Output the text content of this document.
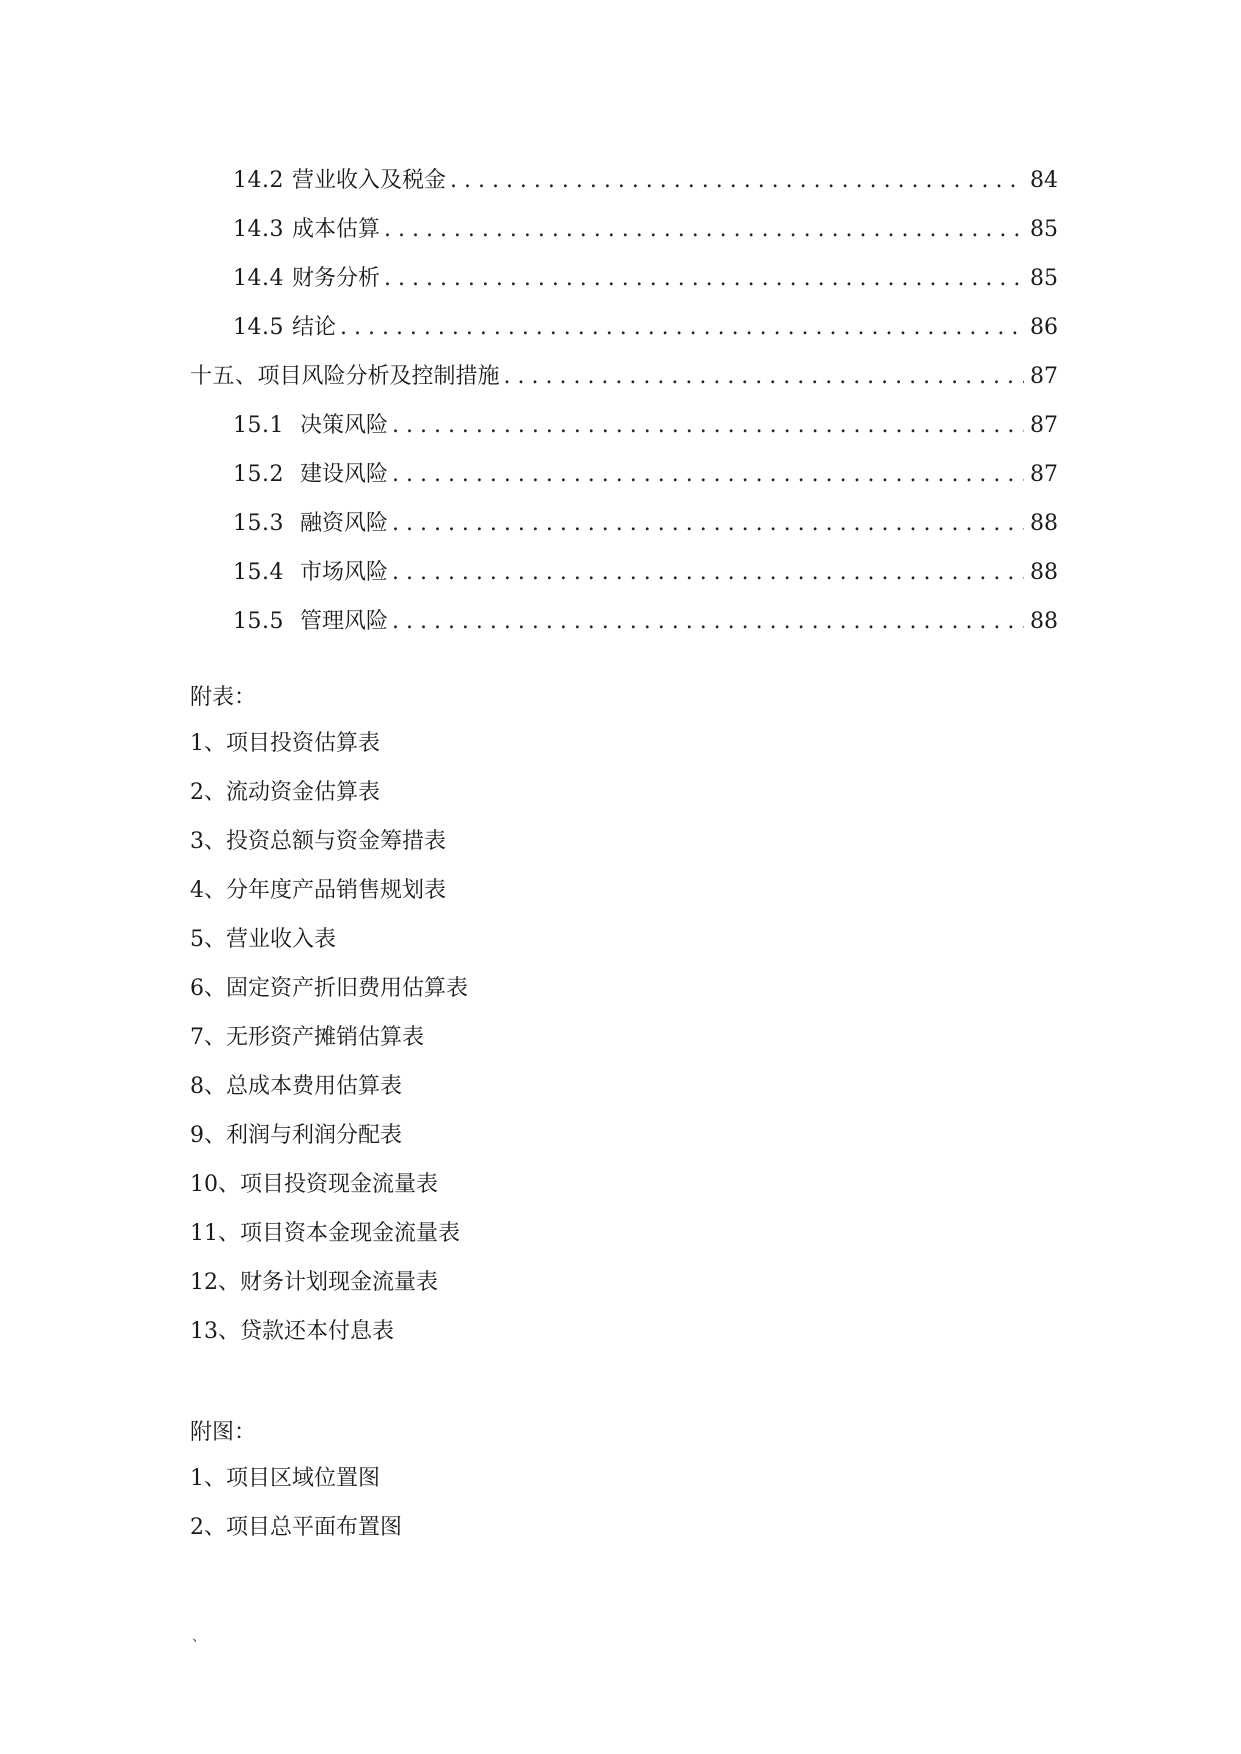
14.2 营业收入及税金 . . .	84
14.3 成本估算 . . .	85
14.4 财务分析 . . .	85
14.5 结论 . . .	86
十五、 项目风险分析及控制措施 . . .	87
15.1 决策风险 . . .	87
15.2 建设风险 . . .	87
15.3 融资风险 . . .	88
15.4 市场风险 . . .	88
15.5 管理风险 . . .	88
附表：
1、项目投资估算表
2、流动资金估算表
3、投资总额与资金筹措表
4、分年度产品销售规划表
5、营业收入表
6、固定资产折旧费用估算表
7、无形资产摊销估算表
8、总成本费用估算表
9、利润与利润分配表
10、项目投资现金流量表
11、项目资本金现金流量表
12、财务计划现金流量表
13、贷款还本付息表
附图：
1、项目区域位置图
2、项目总平面布置图
、
